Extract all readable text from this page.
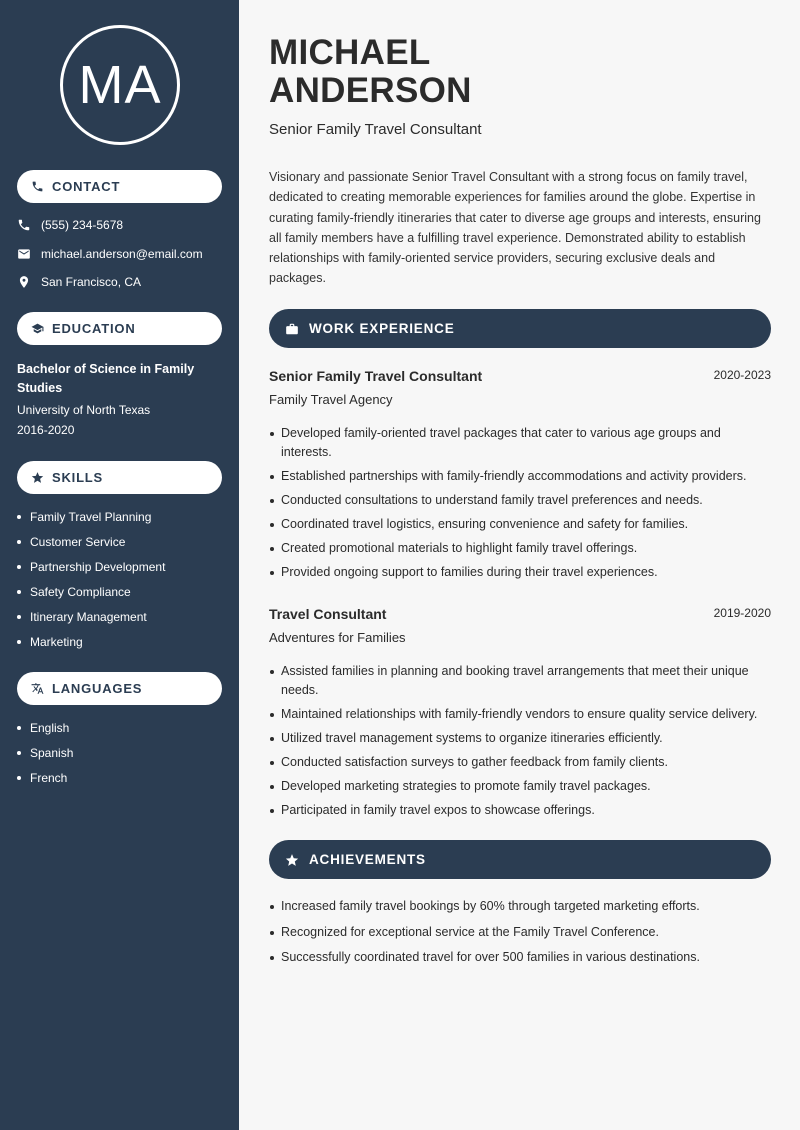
MA
CONTACT
(555) 234-5678
michael.anderson@email.com
San Francisco, CA
EDUCATION
Bachelor of Science in Family Studies
University of North Texas
2016-2020
SKILLS
Family Travel Planning
Customer Service
Partnership Development
Safety Compliance
Itinerary Management
Marketing
LANGUAGES
English
Spanish
French
MICHAEL
ANDERSON
Senior Family Travel Consultant

Visionary and passionate Senior Travel Consultant with a strong focus on family travel, dedicated to creating memorable experiences for families around the globe. Expertise in curating family-friendly itineraries that cater to diverse age groups and interests, ensuring all family members have a fulfilling travel experience. Demonstrated ability to establish relationships with family-oriented service providers, securing exclusive deals and packages.

WORK EXPERIENCE
Senior Family Travel Consultant	2020-2023
Family Travel Agency
Developed family-oriented travel packages that cater to various age groups and interests.
Established partnerships with family-friendly accommodations and activity providers.
Conducted consultations to understand family travel preferences and needs.
Coordinated travel logistics, ensuring convenience and safety for families.
Created promotional materials to highlight family travel offerings.
Provided ongoing support to families during their travel experiences.
Travel Consultant	2019-2020
Adventures for Families
Assisted families in planning and booking travel arrangements that meet their unique needs.
Maintained relationships with family-friendly vendors to ensure quality service delivery.
Utilized travel management systems to organize itineraries efficiently.
Conducted satisfaction surveys to gather feedback from family clients.
Developed marketing strategies to promote family travel packages.
Participated in family travel expos to showcase offerings.
ACHIEVEMENTS
Increased family travel bookings by 60% through targeted marketing efforts.
Recognized for exceptional service at the Family Travel Conference.
Successfully coordinated travel for over 500 families in various destinations.
